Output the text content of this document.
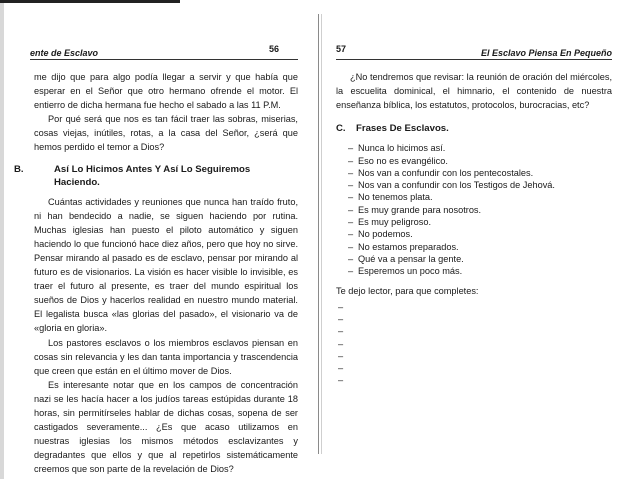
ente de Esclavo	56

me dijo que para algo podía llegar a servir y que había que esperar en el Señor que otro hermano ofrende el motor. El entierro de dicha hermana fue hecho el sabado a las 11 P.M.

Por qué será que nos es tan fácil traer las sobras, miserias, cosas viejas, inútiles, rotas, a la casa del Señor, ¿será que hemos perdido el temor a Dios?

B.	Así Lo Hicimos Antes Y Así Lo Seguiremos Haciendo.

Cuántas actividades y reuniones que nunca han traído fruto, ni han bendecido a nadie, se siguen haciendo por rutina. Muchas iglesias han puesto el piloto automático y siguen haciendo lo que funcionó hace diez años, pero que hoy no sirve. Pensar mirando al pasado es de esclavo, pensar por mirando al futuro es de visionarios. La visión es hacer visible lo invisible, es traer el futuro al presente, es traer del mundo espiritual los sueños de Dios y hacerlos realidad en nuestro mundo material. El legalista busca «las glorias del pasado», el visionario va de «gloria en gloria».

Los pastores esclavos o los miembros esclavos piensan en cosas sin relevancia y les dan tanta importancia y trascendencia que creen que están en el último mover de Dios.

Es interesante notar que en los campos de concentración nazi se les hacía hacer a los judíos tareas estúpidas durante 18 horas, sin permitírseles hablar de dichas cosas, sopena de ser castigados severamente... ¿Es que acaso utilizamos en nuestras iglesias los mismos métodos esclavizantes y degradantes que ellos y que al repetirlos sistemáticamente creemos que son parte de la revelación de Dios?

57	El Esclavo Piensa En Pequeño

¿No tendremos que revisar: la reunión de oración del miércoles, la escuelita dominical, el himnario, el contenido de nuestra enseñanza bíblica, los estatutos, protocolos, burocracias, etc?

C. Frases De Esclavos.
– Nunca lo hicimos así.
– Eso no es evangélico.
– Nos van a confundir con los pentecostales.
– Nos van a confundir con los Testigos de Jehová.
– No tenemos plata.
– Es muy grande para nosotros.
– Es muy peligroso.
– No podemos.
– No estamos preparados.
– Qué va a pensar la gente.
– Esperemos un poco más.

Te dejo lector, para que completes:

–
–
–
–
–
–
–
